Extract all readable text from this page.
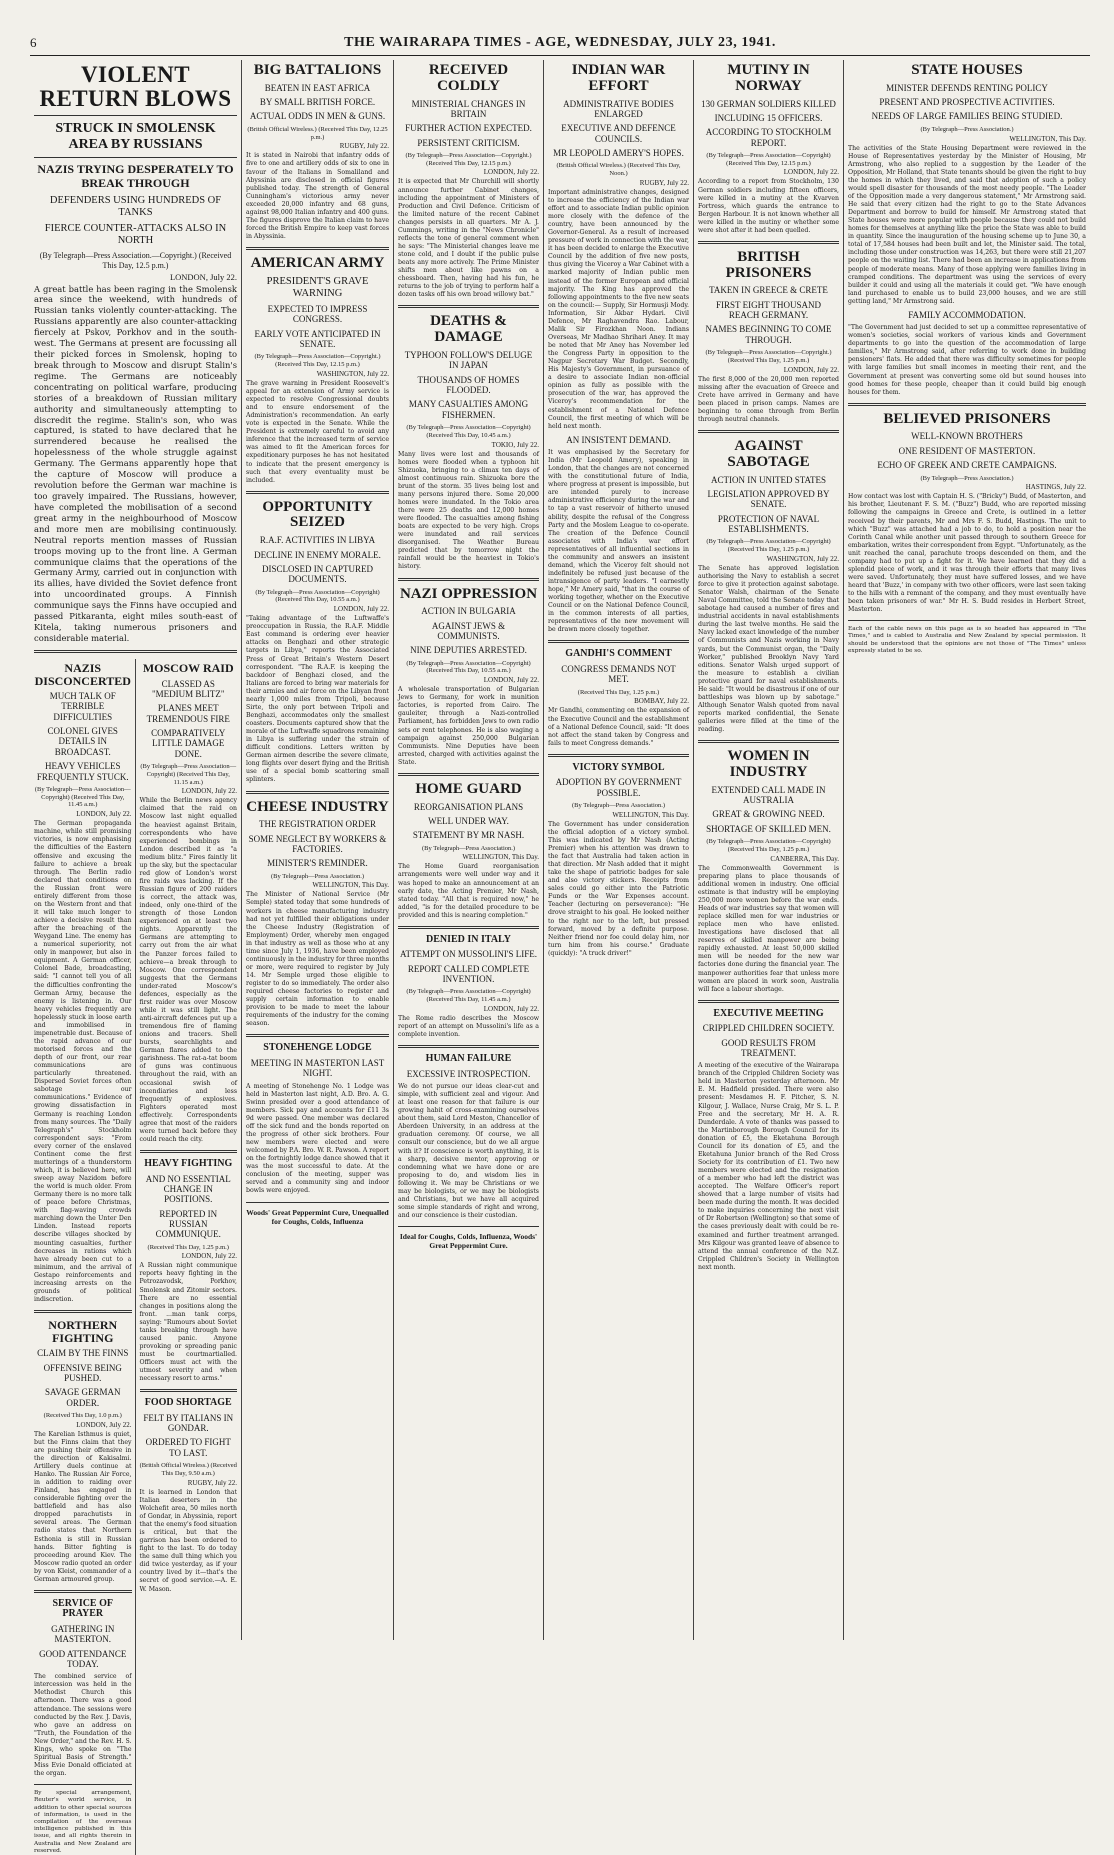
6	THE WAIRARAPA TIMES - AGE, WEDNESDAY, JULY 23, 1941.
VIOLENT RETURN BLOWS
STRUCK IN SMOLENSK AREA BY RUSSIANS
NAZIS TRYING DESPERATELY TO BREAK THROUGH
DEFENDERS USING HUNDREDS OF TANKS
FIERCE COUNTER-ATTACKS ALSO IN NORTH
(By Telegraph—Press Association.—Copyright.) (Received This Day, 12.5 p.m.)
LONDON, July 22.
A great battle has been raging in the Smolensk area since the weekend, with hundreds of Russian tanks violently counter-attacking. The Russians apparently are also counter-attacking fiercely at Pskov, Porkhov and in the south-west. The Germans at present are focussing all their picked forces in Smolensk, hoping to break through to Moscow and disrupt Stalin's regime. The Germans are noticeably concentrating on political warfare, producing stories of a breakdown of Russian military authority and simultaneously attempting to discredit the regime. Stalin's son, who was captured, is stated to have declared that he surrendered because he realised the hopelessness of the whole struggle against Germany. The Germans apparently hope that the capture of Moscow will produce a revolution before the German war machine is too gravely impaired. The Russians, however, have completed the mobilisation of a second great army in the neighbourhood of Moscow and more men are mobilising continuously. Neutral reports mention masses of Russian troops moving up to the front line. A German communique claims that the operations of the Germany Army, carried out in conjunction with its allies, have divided the Soviet defence front into uncoordinated groups. A Finnish communique says the Finns have occupied and passed Pitkaranta, eight miles south-east of Kitela, taking numerous prisoners and considerable material.
NAZIS DISCONCERTED
MUCH TALK OF TERRIBLE DIFFICULTIES
COLONEL GIVES DETAILS IN BROADCAST.
HEAVY VEHICLES FREQUENTLY STUCK.
(By Telegraph—Press Association—Copyright) (Received This Day, 11.45 a.m.)
LONDON, July 22.
The German propaganda machine, while still promising victories, is now emphasising the difficulties of the Eastern offensive and excusing the failure to achieve a break through. The Berlin radio declared that conditions on the Russian front were entirely different from those on the Western front and that it will take much longer to achieve a decisive result than after the breaching of the Weygand Line. The enemy has a numerical superiority, not only in manpower, but also in equipment. A German officer, Colonel Bade, broadcasting, said: "I cannot tell you of all the difficulties confronting the German Army, because the enemy is listening in. Our heavy vehicles frequently are hopelessly stuck in loose earth and immobilised in impenetrable dust. Because of the rapid advance of our motorised forces and the depth of our front, our rear communications are particularly threatened. Dispersed Soviet forces often sabotage our communications." Evidence of growing dissatisfaction in Germany is reaching London from many sources. The "Daily Telegraph's" Stockholm correspondent says: "From every corner of the enslaved Continent come the first mutterings of a thunderstorm which, it is believed here, will sweep away Nazidom before the world is much older. From Germany there is no more talk of peace before Christmas, with flag-waving crowds marching down the Unter Den Linden. Instead reports describe villages shocked by mounting casualties, further decreases in rations which have already been cut to a minimum, and the arrival of Gestapo reinforcements and increasing arrests on the grounds of political indiscretion.
NORTHERN FIGHTING
CLAIM BY THE FINNS
OFFENSIVE BEING PUSHED.
SAVAGE GERMAN ORDER.
(Received This Day, 1.0 p.m.)
LONDON, July 22.
The Karelian Isthmus is quiet, but the Finns claim that they are pushing their offensive in the direction of Kakisalmi. Artillery duels continue at Hanko. The Russian Air Force, in addition to raiding over Finland, has engaged in considerable fighting over the battlefield and has also dropped parachutists in several areas. The German radio states that Northern Esthonia is still in Russian hands. Bitter fighting is proceeding around Kiev. The Moscow radio quoted an order by von Kleist, commander of a German armoured group.
SERVICE OF PRAYER
GATHERING IN MASTERTON.
GOOD ATTENDANCE TODAY.
The combined service of intercession was held in the Methodist Church this afternoon. There was a good attendance. The sessions were conducted by the Rev. J. Davis, who gave an address on "Truth, the Foundation of the New Order," and the Rev. H. S. Kings, who spoke on "The Spiritual Basis of Strength." Miss Evie Donald officiated at the organ.
By special arrangement, Reuter's world service, in addition to other special sources of information, is used in the compilation of the overseas intelligence published in this issue, and all rights therein in Australia and New Zealand are reserved.
MOSCOW RAID
CLASSED AS "MEDIUM BLITZ"
PLANES MEET TREMENDOUS FIRE
COMPARATIVELY LITTLE DAMAGE DONE.
(By Telegraph—Press Association—Copyright) (Received This Day, 11.15 a.m.)
LONDON, July 22.
While the Berlin news agency claimed that the raid on Moscow last night equalled the heaviest against Britain, correspondents who have experienced bombings in London described it as "a medium blitz." Fires faintly lit up the sky, but the spectacular red glow of London's worst fire raids was lacking. If the Russian figure of 200 raiders is correct, the attack was, indeed, only one-third of the strength of those London experienced on at least two nights. Apparently the Germans are attempting to carry out from the air what the Panzer forces failed to achieve—a break through to Moscow. One correspondent suggests that the Germans under-rated Moscow's defences, especially as the first raider was over Moscow while it was still light. The anti-aircraft defences put up a tremendous fire of flaming onions and tracers. Shell bursts, searchlights and German flares added to the garishness. The rat-a-tat boom of guns was continuous throughout the raid, with an occasional swish of incendiaries and less frequently of explosives. Fighters operated most effectively. Correspondents agree that most of the raiders were turned back before they could reach the city.
HEAVY FIGHTING
AND NO ESSENTIAL CHANGE IN POSITIONS.
REPORTED IN RUSSIAN COMMUNIQUE.
(Received This Day, 1.25 p.m.)
LONDON, July 22.
A Russian night communique reports heavy fighting in the Petrozavodsk, Porkhov, Smolensk and Zitomir sectors. There are no essential changes in positions along the front. ...man tank corps, saying: "Rumours about Soviet tanks breaking through have caused panic. Anyone provoking or spreading panic must be courtmartialled. Officers must act with the utmost severity and when necessary resort to arms."
FOOD SHORTAGE
FELT BY ITALIANS IN GONDAR.
ORDERED TO FIGHT TO LAST.
(British Official Wireless.) (Received This Day, 9.50 a.m.)
RUGBY, July 22.
It is learned in London that Italian deserters in the Wolchefit area, 50 miles north of Gondar, in Abyssinia, report that the enemy's food situation is critical, but that the garrison has been ordered to fight to the last. To do today the same dull thing which you did twice yesterday, as if your country lived by it—that's the secret of good service.—A. E. W. Mason.
BIG BATTALIONS
BEATEN IN EAST AFRICA
BY SMALL BRITISH FORCE.
ACTUAL ODDS IN MEN & GUNS.
(British Official Wireless.) (Received This Day, 12.25 p.m.)
RUGBY, July 22.
It is stated in Nairobi that infantry odds of five to one and artillery odds of six to one in favour of the Italians in Somaliland and Abyssinia are disclosed in official figures published today. The strength of General Cunningham's victorious army never exceeded 20,000 infantry and 68 guns, against 98,000 Italian infantry and 400 guns. The figures disprove the Italian claim to have forced the British Empire to keep vast forces in Abyssinia.
AMERICAN ARMY
PRESIDENT'S GRAVE WARNING
EXPECTED TO IMPRESS CONGRESS.
EARLY VOTE ANTICIPATED IN SENATE.
(By Telegraph—Press Association—Copyright.) (Received This Day, 12.15 p.m.)
WASHINGTON, July 22.
The grave warning in President Roosevelt's appeal for an extension of Army service is expected to resolve Congressional doubts and to ensure endorsement of the Administration's recommendation. An early vote is expected in the Senate. While the President is extremely careful to avoid any inference that the increased term of service was aimed to fit the American forces for expeditionary purposes he has not hesitated to indicate that the present emergency is such that every eventuality must be included.
OPPORTUNITY SEIZED
R.A.F. ACTIVITIES IN LIBYA
DECLINE IN ENEMY MORALE.
DISCLOSED IN CAPTURED DOCUMENTS.
(By Telegraph—Press Association—Copyright) (Received This Day, 10.55 a.m.)
LONDON, July 22.
"Taking advantage of the Luftwaffe's preoccupation in Russia, the R.A.F. Middle East command is ordering ever heavier attacks on Benghazi and other strategic targets in Libya," reports the Associated Press of Great Britain's Western Desert correspondent. "The R.A.F. is keeping the backdoor of Benghazi closed, and the Italians are forced to bring war materials for their armies and air force on the Libyan front nearly 1,000 miles from Tripoli, because Sirte, the only port between Tripoli and Benghazi, accommodates only the smallest coasters. Documents captured show that the morale of the Luftwaffe squadrons remaining in Libya is suffering under the strain of difficult conditions. Letters written by German airmen describe the severe climate, long flights over desert flying and the British use of a special bomb scattering small splinters.
CHEESE INDUSTRY
THE REGISTRATION ORDER
SOME NEGLECT BY WORKERS & FACTORIES.
MINISTER'S REMINDER.
(By Telegraph—Press Association.)
WELLINGTON, This Day.
The Minister of National Service (Mr Semple) stated today that some hundreds of workers in cheese manufacturing industry had not yet fulfilled their obligations under the Cheese Industry (Registration of Employment) Order, whereby men engaged in that industry as well as those who at any time since July 1, 1936, have been employed continuously in the industry for three months or more, were required to register by July 14. Mr Semple urged those eligible to register to do so immediately. The order also required cheese factories to register and supply certain information to enable provision to be made to meet the labour requirements of the industry for the coming season.
STONEHENGE LODGE
MEETING IN MASTERTON LAST NIGHT.
A meeting of Stonehenge No. 1 Lodge was held in Masterton last night, A.D. Bro. A. G. Swinn presided over a good attendance of members. Sick pay and accounts for £11 3s 9d were passed. One member was declared off the sick fund and the bonds reported on the progress of other sick brothers. Four new members were elected and were welcomed by P.A. Bro. W. R. Pawson. A report on the fortnightly lodge dance showed that it was the most successful to date. At the conclusion of the meeting, supper was served and a community sing and indoor bowls were enjoyed.
Woods' Great Peppermint Cure, Unequalled for Coughs, Colds, Influenza
RECEIVED COLDLY
MINISTERIAL CHANGES IN BRITAIN
FURTHER ACTION EXPECTED.
PERSISTENT CRITICISM.
(By Telegraph—Press Association—Copyright.) (Received This Day, 12.15 p.m.)
LONDON, July 22.
It is expected that Mr Churchill will shortly announce further Cabinet changes, including the appointment of Ministers of Production and Civil Defence. Criticism of the limited nature of the recent Cabinet changes persists in all quarters. Mr A. J. Cummings, writing in the "News Chronicle" reflects the tone of general comment when he says: "The Ministerial changes leave me stone cold, and I doubt if the public pulse beats any more actively. The Prime Minister shifts men about like pawns on a chessboard. Then, having had his fun, he returns to the job of trying to perform half a dozen tasks off his own broad willowy bat."
DEATHS & DAMAGE
TYPHOON FOLLOW'S DELUGE IN JAPAN
THOUSANDS OF HOMES FLOODED.
MANY CASUALTIES AMONG FISHERMEN.
(By Telegraph—Press Association—Copyright) (Received This Day, 10.45 a.m.)
TOKIO, July 22.
Many lives were lost and thousands of homes were flooded when a typhoon hit Shizuoka, bringing to a climax ten days of almost continuous rain. Shizuoka bore the brunt of the storm. 35 lives being lost and many persons injured there. Some 20,000 homes were inundated. In the Tokio area there were 25 deaths and 12,000 homes were flooded. The casualties among fishing boats are expected to be very high. Crops were inundated and rail services disorganised. The Weather Bureau predicted that by tomorrow night the rainfall would be the heaviest in Tokio's history.
NAZI OPPRESSION
ACTION IN BULGARIA
AGAINST JEWS & COMMUNISTS.
NINE DEPUTIES ARRESTED.
(By Telegraph—Press Association—Copyright) (Received This Day, 10.55 a.m.)
LONDON, July 22.
A wholesale transportation of Bulgarian Jews to Germany, for work in munition factories, is reported from Cairo. The gauleiter, through a Nazi-controlled Parliament, has forbidden Jews to own radio sets or rent telephones. He is also waging a campaign against 250,000 Bulgarian Communists. Nine Deputies have been arrested, charged with activities against the State.
HOME GUARD
REORGANISATION PLANS
WELL UNDER WAY.
STATEMENT BY MR NASH.
(By Telegraph—Press Association.)
WELLINGTON, This Day.
The Home Guard reorganisation arrangements were well under way and it was hoped to make an announcement at an early date, the Acting Premier, Mr Nash, stated today. "All that is required now," he added, "is for the detailed procedure to be provided and this is nearing completion."
DENIED IN ITALY
ATTEMPT ON MUSSOLINI'S LIFE.
REPORT CALLED COMPLETE INVENTION.
(By Telegraph—Press Association—Copyright) (Received This Day, 11.45 a.m.)
LONDON, July 22.
The Rome radio describes the Moscow report of an attempt on Mussolini's life as a complete invention.
HUMAN FAILURE
EXCESSIVE INTROSPECTION.
We do not pursue our ideas clear-cut and simple, with sufficient zeal and vigour. And at least one reason for that failure is our growing habit of cross-examining ourselves about them, said Lord Meston, Chancellor of Aberdeen University, in an address at the graduation ceremony. Of course, we all consult our conscience, but do we all argue with it? If conscience is worth anything, it is a sharp, decisive mentor, approving or condemning what we have done or are proposing to do, and wisdom lies in following it. We may be Christians or we may be biologists, or we may be biologists and Christians, but we have all acquired some simple standards of right and wrong, and our conscience is their custodian.
Ideal for Coughs, Colds, Influenza, Woods' Great Peppermint Cure.
INDIAN WAR EFFORT
ADMINISTRATIVE BODIES ENLARGED
EXECUTIVE AND DEFENCE COUNCILS.
MR LEOPOLD AMERY'S HOPES.
(British Official Wireless.) (Received This Day, Noon.)
RUGBY, July 22.
Important administrative changes, designed to increase the efficiency of the Indian war effort and to associate Indian public opinion more closely with the defence of the country, have been announced by the Governor-General. As a result of increased pressure of work in connection with the war, it has been decided to enlarge the Executive Council by the addition of five new posts, thus giving the Viceroy a War Cabinet with a marked majority of Indian public men instead of the former European and official majority. The King has approved the following appointments to the five new seats on the council:— Supply, Sir Hormusji Mody. Information, Sir Akbar Hydari. Civil Defence, Mr Raghavendra Rao. Labour, Malik Sir Firozkhan Noon. Indians Overseas, Mr Madhao Shrihari Aney. It may be noted that Mr Aney has November led the Congress Party in opposition to the Nagpur Secretary War Budget. Secondly, His Majesty's Government, in pursuance of a desire to associate Indian non-official opinion as fully as possible with the prosecution of the war, has approved the Viceroy's recommendation for the establishment of a National Defence Council, the first meeting of which will be held next month.
AN INSISTENT DEMAND.
It was emphasised by the Secretary for India (Mr Leopold Amery), speaking in London, that the changes are not concerned with the constitutional future of India, where progress at present is impossible, but are intended purely to increase administrative efficiency during the war and to tap a vast reservoir of hitherto unused ability, despite the refusal of the Congress Party and the Moslem League to co-operate. The creation of the Defence Council associates with India's war effort representatives of all influential sections in the community and answers an insistent demand, which the Viceroy felt should not indefinitely be refused just because of the intransigence of party leaders. "I earnestly hope," Mr Amery said, "that in the course of working together, whether on the Executive Council or on the National Defence Council, in the common interests of all parties, representatives of the new movement will be drawn more closely together.
GANDHI'S COMMENT
CONGRESS DEMANDS NOT MET.
(Received This Day, 1.25 p.m.)
BOMBAY, July 22.
Mr Gandhi, commenting on the expansion of the Executive Council and the establishment of a National Defence Council, said: "It does not affect the stand taken by Congress and fails to meet Congress demands."
VICTORY SYMBOL
ADOPTION BY GOVERNMENT POSSIBLE.
(By Telegraph—Press Association.)
WELLINGTON, This Day.
The Government has under consideration the official adoption of a victory symbol. This was indicated by Mr Nash (Acting Premier) when his attention was drawn to the fact that Australia had taken action in that direction. Mr Nash added that it might take the shape of patriotic badges for sale and also victory stickers. Receipts from sales could go either into the Patriotic Funds or the War Expenses account. Teacher (lecturing on perseverance): "He drove straight to his goal. He looked neither to the right nor to the left, but pressed forward, moved by a definite purpose. Neither friend nor foe could delay him, nor turn him from his course." Graduate (quickly): "A truck driver!"
MUTINY IN NORWAY
130 GERMAN SOLDIERS KILLED
INCLUDING 15 OFFICERS.
ACCORDING TO STOCKHOLM REPORT.
(By Telegraph—Press Association—Copyright) (Received This Day, 12.15 p.m.)
LONDON, July 22.
According to a report from Stockholm, 130 German soldiers including fifteen officers, were killed in a mutiny at the Kvarven Fortress, which guards the entrance to Bergen Harbour. It is not known whether all were killed in the mutiny or whether some were shot after it had been quelled.
BRITISH PRISONERS
TAKEN IN GREECE & CRETE
FIRST EIGHT THOUSAND REACH GERMANY.
NAMES BEGINNING TO COME THROUGH.
(By Telegraph—Press Association—Copyright.) (Received This Day, 1.25 p.m.)
LONDON, July 22.
The first 8,000 of the 20,000 men reported missing after the evacuation of Greece and Crete have arrived in Germany and have been placed in prison camps. Names are beginning to come through from Berlin through neutral channels.
AGAINST SABOTAGE
ACTION IN UNITED STATES
LEGISLATION APPROVED BY SENATE.
PROTECTION OF NAVAL ESTABLISHMENTS.
(By Telegraph—Press Association—Copyright) (Received This Day, 1.25 p.m.)
WASHINGTON, July 22.
The Senate has approved legislation authorising the Navy to establish a secret force to give it protection against sabotage. Senator Walsh, chairman of the Senate Naval Committee, told the Senate today that sabotage had caused a number of fires and industrial accidents in naval establishments during the last twelve months. He said the Navy lacked exact knowledge of the number of Communists and Nazis working in Navy yards, but the Communist organ, the "Daily Worker," published Brooklyn Navy Yard editions. Senator Walsh urged support of the measure to establish a civilian protective guard for naval establishments. He said: "It would be disastrous if one of our battleships was blown up by sabotage." Although Senator Walsh quoted from naval reports marked confidential, the Senate galleries were filled at the time of the reading.
WOMEN IN INDUSTRY
EXTENDED CALL MADE IN AUSTRALIA
GREAT & GROWING NEED.
SHORTAGE OF SKILLED MEN.
(By Telegraph—Press Association—Copyright) (Received This Day, 1.25 p.m.)
CANBERRA, This Day.
The Commonwealth Government is preparing plans to place thousands of additional women in industry. One official estimate is that industry will be employing 250,000 more women before the war ends. Heads of war industries say that women will replace skilled men for war industries or replace men who have enlisted. Investigations have disclosed that all reserves of skilled manpower are being rapidly exhausted. At least 50,000 skilled men will be needed for the new war factories done during the financial year. The manpower authorities fear that unless more women are placed in work soon, Australia will face a labour shortage.
EXECUTIVE MEETING
CRIPPLED CHILDREN SOCIETY.
GOOD RESULTS FROM TREATMENT.
A meeting of the executive of the Wairarapa branch of the Crippled Children Society was held in Masterton yesterday afternoon. Mr E. M. Hadfield presided. There were also present: Mesdames H. F. Pitcher, S. N. Kilgour, J. Wallace, Nurse Craig, Mr S. L. P. Free and the secretary, Mr H. A. R. Dunderdale. A vote of thanks was passed to the Martinborough Borough Council for its donation of £5, the Eketahuna Borough Council for its donation of £5, and the Eketahuna Junior branch of the Red Cross Society for its contribution of £1. Two new members were elected and the resignation of a member who had left the district was accepted. The Welfare Officer's report showed that a large number of visits had been made during the month. It was decided to make inquiries concerning the next visit of Dr Robertson (Wellington) so that some of the cases previously dealt with could be re-examined and further treatment arranged. Mrs Kilgour was granted leave of absence to attend the annual conference of the N.Z. Crippled Children's Society in Wellington next month.
STATE HOUSES
MINISTER DEFENDS RENTING POLICY
PRESENT AND PROSPECTIVE ACTIVITIES.
NEEDS OF LARGE FAMILIES BEING STUDIED.
(By Telegraph—Press Association.)
WELLINGTON, This Day.
The activities of the State Housing Department were reviewed in the House of Representatives yesterday by the Minister of Housing, Mr Armstrong, who also replied to a suggestion by the Leader of the Opposition, Mr Holland, that State tenants should be given the right to buy the homes in which they lived, and said that adoption of such a policy would spell disaster for thousands of the most needy people. "The Leader of the Opposition made a very dangerous statement," Mr Armstrong said. He said that every citizen had the right to go to the State Advances Department and borrow to build for himself. Mr Armstrong stated that State houses were more popular with people because they could not build homes for themselves at anything like the price the State was able to build in quantity. Since the inauguration of the housing scheme up to June 30, a total of 17,584 houses had been built and let, the Minister said. The total, including those under construction was 14,263, but there were still 21,207 people on the waiting list. There had been an increase in applications from people of moderate means. Many of those applying were families living in cramped conditions. The department was using the services of every builder it could and using all the materials it could get. "We have enough land purchased to enable us to build 23,000 houses, and we are still getting land," Mr Armstrong said.
FAMILY ACCOMMODATION.
"The Government had just decided to set up a committee representative of women's societies, social workers of various kinds and Government departments to go into the question of the accommodation of large families," Mr Armstrong said, after referring to work done in building pensioners' flats. He added that there was difficulty sometimes for people with large families but small incomes in meeting their rent, and the Government at present was converting some old but sound houses into good homes for these people, cheaper than it could build big enough houses for them.
BELIEVED PRISONERS
WELL-KNOWN BROTHERS
ONE RESIDENT OF MASTERTON.
ECHO OF GREEK AND CRETE CAMPAIGNS.
(By Telegraph—Press Association.)
HASTINGS, July 22.
How contact was lost with Captain H. S. ("Bricky") Budd, of Masterton, and his brother, Lieutenant F. S. M. ("Buzz") Budd, who are reported missing following the campaigns in Greece and Crete, is outlined in a letter received by their parents, Mr and Mrs F. S. Budd, Hastings. The unit to which "Buzz" was attached had a job to do, to hold a position near the Corinth Canal while another unit passed through to southern Greece for embarkation, writes their correspondent from Egypt. "Unfortunately, as the unit reached the canal, parachute troops descended on them, and the company had to put up a fight for it. We have learned that they did a splendid piece of work, and it was through their efforts that many lives were saved. Unfortunately, they must have suffered losses, and we have heard that 'Buzz,' in company with two other officers, were last seen taking to the hills with a remnant of the company, and they must eventually have been taken prisoners of war." Mr H. S. Budd resides in Herbert Street, Masterton.
Each of the cable news on this page as is so headed has appeared in "The Times," and is cabled to Australia and New Zealand by special permission. It should be understood that the opinions are not those of "The Times" unless expressly stated to be so.
